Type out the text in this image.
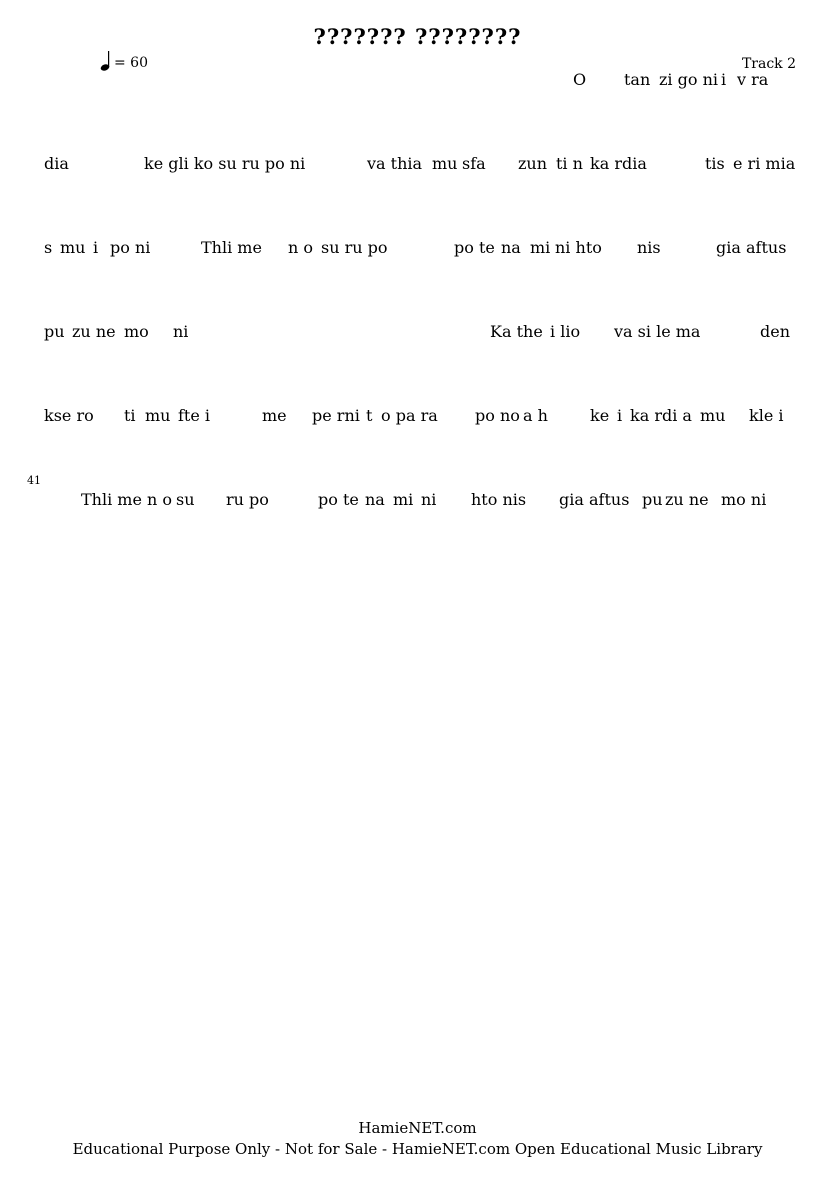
??????? ????????
= 60	Track 2
O tan zi go ni i v ra
dia	ke gli ko su ru po ni	va thia mu sfa zun ti n ka rdia	tis e ri mia
s mu i po ni	Thli me n o su ru po	po te na mi ni hto nis	gia aftus
pu zu ne mo ni	Ka the i lio va si le ma	den
kse ro ti mu fte i	me pe rni t o pa ra po no a h	ke i ka rdi a mu kle i
41
Thli me n o su ru po	po te na mi ni hto nis gia aftus pu zu ne mo ni
HamieNET.com
Educational Purpose Only - Not for Sale - HamieNET.com Open Educational Music Library
